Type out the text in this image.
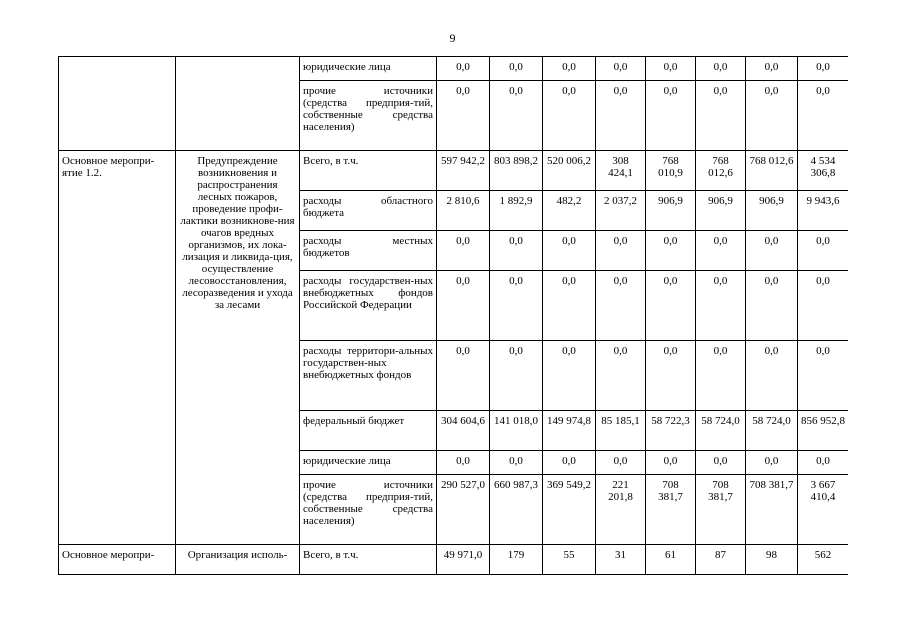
9
		юридические лица	0,0	0,0	0,0	0,0	0,0	0,0	0,0	0,0
		прочие источники (средства предприя-тий, собственные средства населения)	0,0	0,0	0,0	0,0	0,0	0,0	0,0	0,0
Основное меропри-ятие 1.2.	Предупреждение возникновения и распространения лесных пожаров, проведение профи-лактики возникнове-ния очагов вредных организмов, их лока-лизация и ликвида-ция, осуществление лесовосстановления, лесоразведения и ухода за лесами	Всего, в т.ч.	597 942,2	803 898,2	520 006,2	308 424,1	768 010,9	768 012,6	768 012,6	4 534 306,8
		расходы областного бюджета	2 810,6	1 892,9	482,2	2 037,2	906,9	906,9	906,9	9 943,6
		расходы местных бюджетов	0,0	0,0	0,0	0,0	0,0	0,0	0,0	0,0
		расходы государствен-ных внебюджетных фондов Российской Федерации	0,0	0,0	0,0	0,0	0,0	0,0	0,0	0,0
		расходы территори-альных государствен-ных внебюджетных фондов	0,0	0,0	0,0	0,0	0,0	0,0	0,0	0,0
		федеральный бюджет	304 604,6	141 018,0	149 974,8	85 185,1	58 722,3	58 724,0	58 724,0	856 952,8
		юридические лица	0,0	0,0	0,0	0,0	0,0	0,0	0,0	0,0
		прочие источники (средства предприя-тий, собственные средства населения)	290 527,0	660 987,3	369 549,2	221 201,8	708 381,7	708 381,7	708 381,7	3 667 410,4
Основное меропри-	Организация исполь-	Всего, в т.ч.	49 971,0	179	55	31	61	87	98	562
